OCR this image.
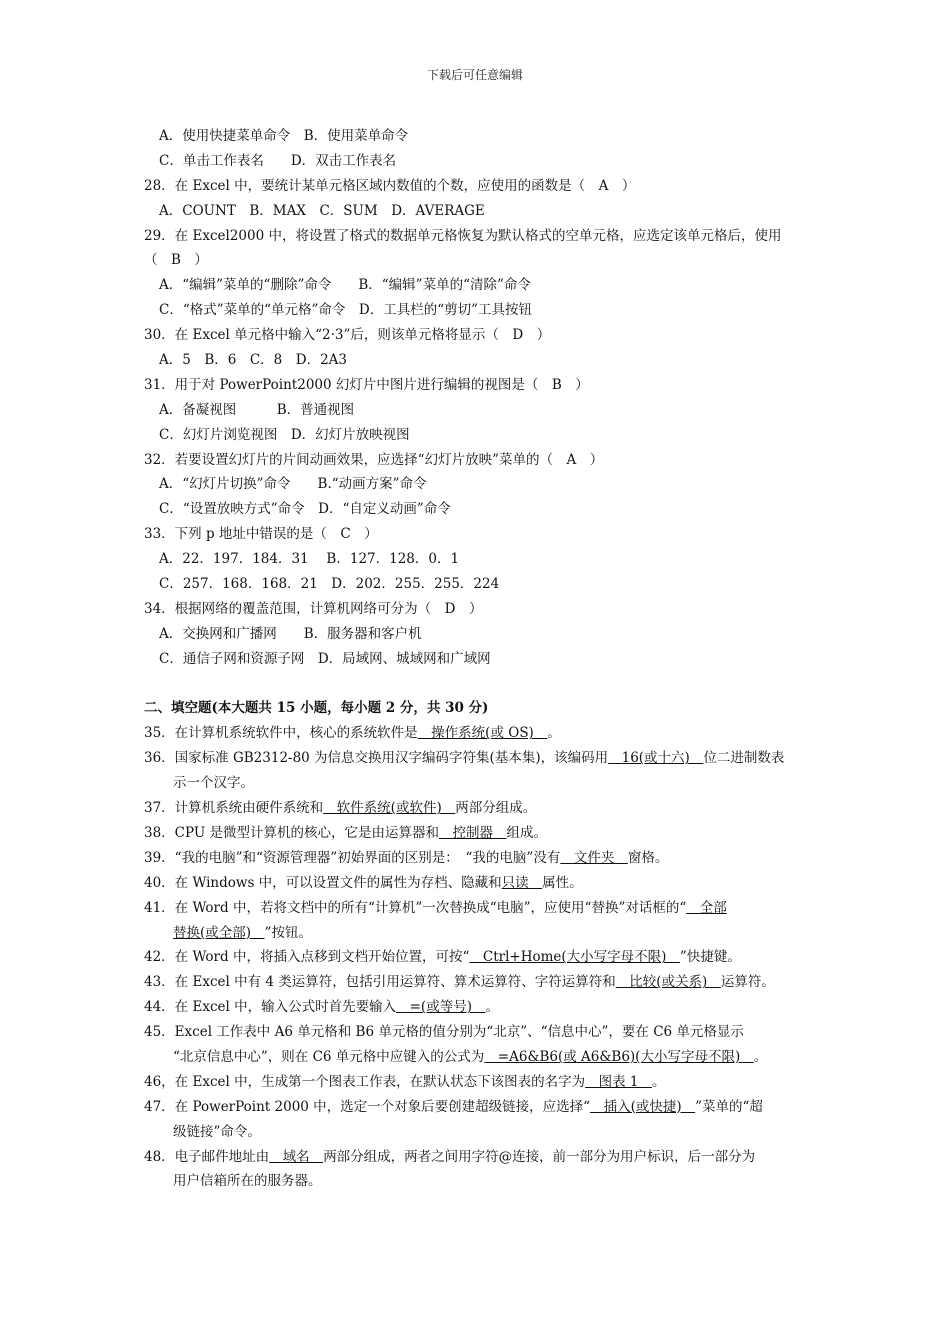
下载后可任意编辑
A．使用快捷菜单命令　B．使用菜单命令
C．单击工作表名　　D．双击工作表名
28．在 Excel 中，要统计某单元格区域内数值的个数，应使用的函数是（　A　）
A．COUNT　B．MAX　C．SUM　D．AVERAGE
29．在 Excel2000 中，将设置了格式的数据单元格恢复为默认格式的空单元格，应选定该单元格后，使用
（　B　）
A．“编辑”菜单的“删除”命令　　B．“编辑”菜单的“清除”命令
C．“格式”菜单的“单元格”命令　D．工具栏的“剪切”工具按钮
30．在 Excel 单元格中输入“2·3”后，则该单元格将显示（　D　）
A．5　B．6　C．8　D．2A3
31．用于对 PowerPoint2000 幻灯片中图片进行编辑的视图是（　B　）
A．备凝视图　　　B．普通视图
C．幻灯片浏览视图　D．幻灯片放映视图
32．若要设置幻灯片的片间动画效果，应选择“幻灯片放映”菜单的（　A　）
A．“幻灯片切换”命令　　B.“动画方案”命令
C．“设置放映方式”命令　D．“自定义动画”命令
33．下列 p 地址中错误的是（　C　）
A．22．197．184．31　 B．127．128．0．1
C．257．168．168．21　D．202．255．255．224
34．根据网络的覆盖范围，计算机网络可分为（　D　）
A．交换网和广播网　　B．服务器和客户机
C．通信子网和资源子网　D．局域网、城域网和广域网
二、填空题(本大题共 15 小题，每小题 2 分，共 30 分)
35．在计算机系统软件中，核心的系统软件是　操作系统(或 OS)　。
36．国家标准 GB2312-80 为信息交换用汉字编码字符集(基本集)，该编码用　16(或十六)　位二进制数表
示一个汉字。
37．计算机系统由硬件系统和　软件系统(或软件)　两部分组成。
38．CPU 是微型计算机的核心，它是由运算器和　控制器　组成。
39．“我的电脑”和“资源管理器”初始界面的区别是：　“我的电脑”没有　文件夹　窗格。
40．在 Windows 中，可以设置文件的属性为存档、隐藏和只读　属性。
41．在 Word 中，若将文档中的所有“计算机”一次替换成“电脑”，应使用“替换”对话框的“　全部
替换(或全部)　”按钮。
42．在 Word 中，将插入点移到文档开始位置，可按“　Ctrl+Home(大小写字母不限)　”快捷键。
43．在 Excel 中有 4 类运算符，包括引用运算符、算术运算符、字符运算符和　比较(或关系)　运算符。
44．在 Excel 中，输入公式时首先要输入　=(或等号)　。
45．Excel 工作表中 A6 单元格和 B6 单元格的值分别为“北京”、“信息中心”，要在 C6 单元格显示
“北京信息中心”，则在 C6 单元格中应键入的公式为　=A6&B6(或 A6&B6)(大小写字母不限)　。
46，在 Excel 中，生成第一个图表工作表，在默认状态下该图表的名字为　图表 1　。
47．在 PowerPoint 2000 中，选定一个对象后要创建超级链接，应选择“　插入(或快捷)　”菜单的“超
级链接”命令。
48．电子邮件地址由　域名　两部分组成，两者之间用字符@连接，前一部分为用户标识，后一部分为
用户信箱所在的服务器。
